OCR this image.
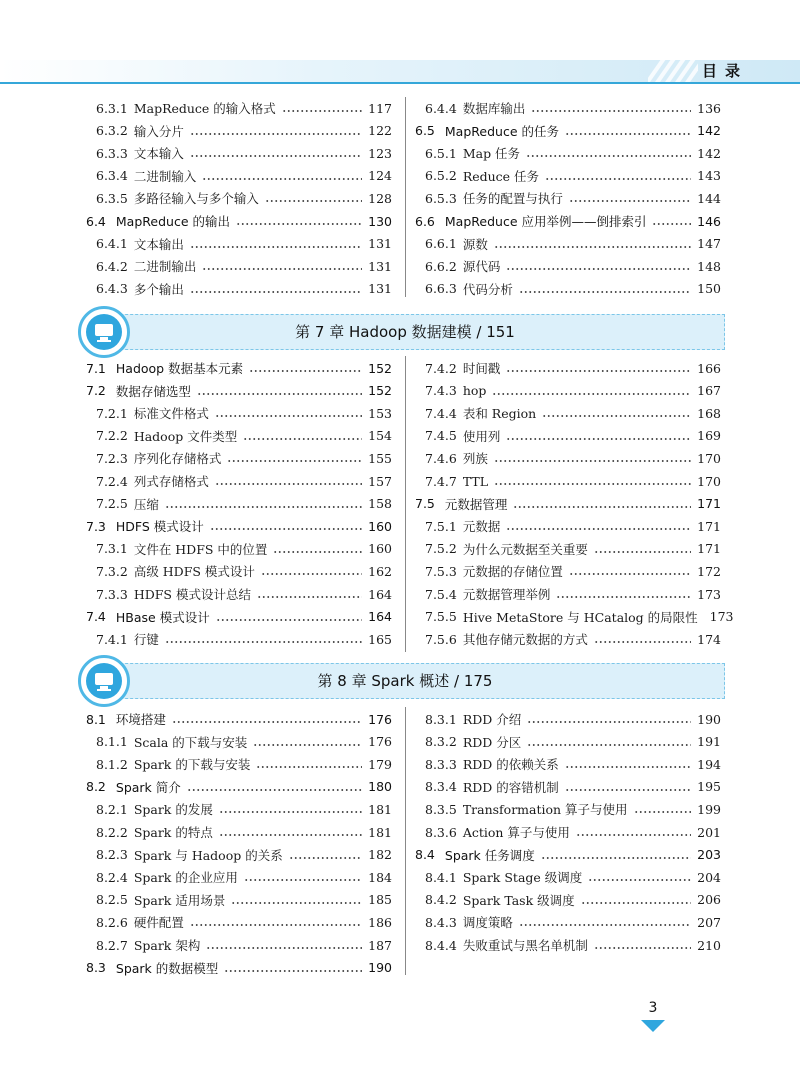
目录
6.3.1 MapReduce 的输入格式	117
6.3.2 输入分片	122
6.3.3 文本输入	123
6.3.4 二进制输入	124
6.3.5 多路径输入与多个输入	128
6.4 MapReduce 的输出	130
6.4.1 文本输出	131
6.4.2 二进制输出	131
6.4.3 多个输出	131
6.4.4 数据库输出	136
6.5 MapReduce 的任务	142
6.5.1 Map 任务	142
6.5.2 Reduce 任务	143
6.5.3 任务的配置与执行	144
6.6 MapReduce 应用举例——倒排索引	146
6.6.1 源数	147
6.6.2 源代码	148
6.6.3 代码分析	150
第 7 章 Hadoop 数据建模 / 151
7.1 Hadoop 数据基本元素	152
7.2 数据存储选型	152
7.2.1 标准文件格式	153
7.2.2 Hadoop 文件类型	154
7.2.3 序列化存储格式	155
7.2.4 列式存储格式	157
7.2.5 压缩	158
7.3 HDFS 模式设计	160
7.3.1 文件在 HDFS 中的位置	160
7.3.2 高级 HDFS 模式设计	162
7.3.3 HDFS 模式设计总结	164
7.4 HBase 模式设计	164
7.4.1 行键	165
7.4.2 时间戳	166
7.4.3 hop	167
7.4.4 表和 Region	168
7.4.5 使用列	169
7.4.6 列族	170
7.4.7 TTL	170
7.5 元数据管理	171
7.5.1 元数据	171
7.5.2 为什么元数据至关重要	171
7.5.3 元数据的存储位置	172
7.5.4 元数据管理举例	173
7.5.5 Hive MetaStore 与 HCatalog 的局限性 173
7.5.6 其他存储元数据的方式	174
第 8 章 Spark 概述 / 175
8.1 环境搭建	176
8.1.1 Scala 的下载与安装	176
8.1.2 Spark 的下载与安装	179
8.2 Spark 简介	180
8.2.1 Spark 的发展	181
8.2.2 Spark 的特点	181
8.2.3 Spark 与 Hadoop 的关系	182
8.2.4 Spark 的企业应用	184
8.2.5 Spark 适用场景	185
8.2.6 硬件配置	186
8.2.7 Spark 架构	187
8.3 Spark 的数据模型	190
8.3.1 RDD 介绍	190
8.3.2 RDD 分区	191
8.3.3 RDD 的依赖关系	194
8.3.4 RDD 的容错机制	195
8.3.5 Transformation 算子与使用	199
8.3.6 Action 算子与使用	201
8.4 Spark 任务调度	203
8.4.1 Spark Stage 级调度	204
8.4.2 Spark Task 级调度	206
8.4.3 调度策略	207
8.4.4 失败重试与黑名单机制	210
3
